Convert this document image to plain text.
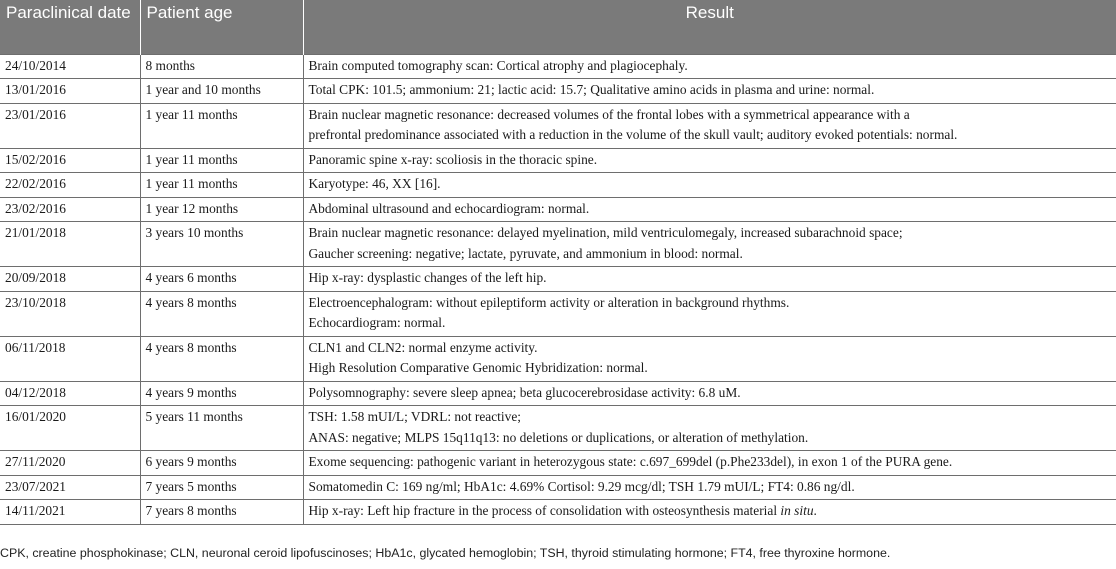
Paraclinical date	Patient age	Result
24/10/2014	8 months	Brain computed tomography scan: Cortical atrophy and plagiocephaly.

13/01/2016	1 year and 10 months	Total CPK: 101.5; ammonium: 21; lactic acid: 15.7; Qualitative amino acids in plasma and urine: normal.

23/01/2016	1 year 11 months	Brain nuclear magnetic resonance: decreased volumes of the frontal lobes with a symmetrical appearance with a
prefrontal predominance associated with a reduction in the volume of the skull vault; auditory evoked potentials: normal.

15/02/2016	1 year 11 months	Panoramic spine x-ray: scoliosis in the thoracic spine.

22/02/2016	1 year 11 months	Karyotype: 46, XX [16].

23/02/2016	1 year 12 months	Abdominal ultrasound and echocardiogram: normal.

21/01/2018	3 years 10 months	Brain nuclear magnetic resonance: delayed myelination, mild ventriculomegaly, increased subarachnoid space;
Gaucher screening: negative; lactate, pyruvate, and ammonium in blood: normal.

20/09/2018	4 years 6 months	Hip x-ray: dysplastic changes of the left hip.

23/10/2018	4 years 8 months	Electroencephalogram: without epileptiform activity or alteration in background rhythms.
Echocardiogram: normal.

06/11/2018	4 years 8 months	CLN1 and CLN2: normal enzyme activity.
High Resolution Comparative Genomic Hybridization: normal.

04/12/2018	4 years 9 months	Polysomnography: severe sleep apnea; beta glucocerebrosidase activity: 6.8 uM.

16/01/2020	5 years 11 months	TSH: 1.58 mUI/L; VDRL: not reactive;
ANAS: negative; MLPS 15q11q13: no deletions or duplications, or alteration of methylation.

27/11/2020	6 years 9 months	Exome sequencing: pathogenic variant in heterozygous state: c.697_699del (p.Phe233del), in exon 1 of the PURA gene.

23/07/2021	7 years 5 months	Somatomedin C: 169 ng/ml; HbA1c: 4.69% Cortisol: 9.29 mcg/dl; TSH 1.79 mUI/L; FT4: 0.86 ng/dl.

14/11/2021	7 years 8 months	Hip x-ray: Left hip fracture in the process of consolidation with osteosynthesis material in situ.
CPK, creatine phosphokinase; CLN, neuronal ceroid lipofuscinoses; HbA1c, glycated hemoglobin; TSH, thyroid stimulating hormone; FT4, free thyroxine hormone.
